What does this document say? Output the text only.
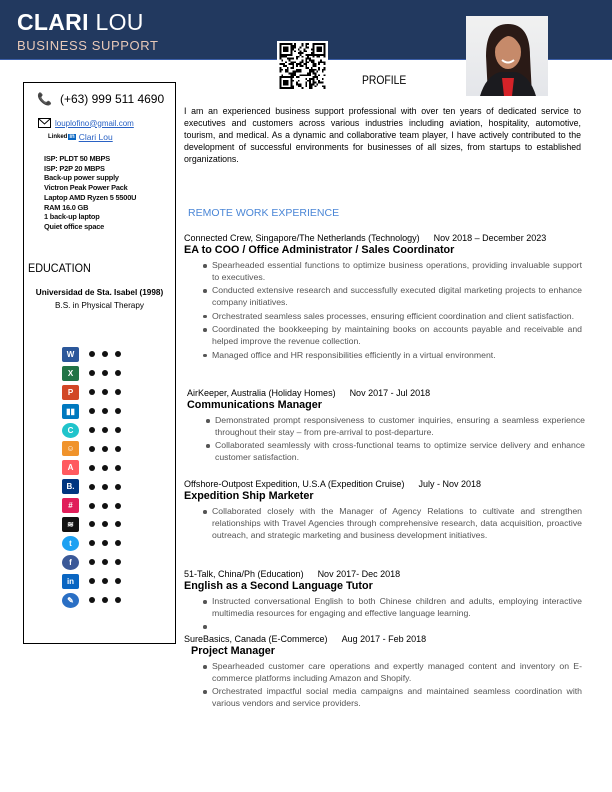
CLARI LOU
BUSINESS SUPPORT
PROFILE
📞 (+63) 999 511 4690
louplofino@gmail.com
Linked in Clari Lou
ISP: PLDT 50 MBPS
ISP: P2P 20 MBPS
Back-up power supply
Victron Peak Power Pack
Laptop AMD Ryzen 5 5500U
RAM 16.0 GB
1 back-up laptop
Quiet office space
EDUCATION
Universidad de Sta. Isabel (1998)
B.S. in Physical Therapy
W
X
P
▮▮
C
☺
A
B.
#
≋
t
f
in
✎
I am an experienced business support professional with over ten years of dedicated service to executives and customers across various industries including aviation, hospitality, automotive, tourism, and medical. As a dynamic and collaborative team player, I have actively contributed to the development of successful environments for businesses of all sizes, from startups to established organizations.
REMOTE WORK EXPERIENCE
Connected Crew, Singapore/The Netherlands (Technology) Nov 2018 – December 2023
EA to COO / Office Administrator / Sales Coordinator
Spearheaded essential functions to optimize business operations, providing invaluable support to executives.
Conducted extensive research and successfully executed digital marketing projects to enhance company initiatives.
Orchestrated seamless sales processes, ensuring efficient coordination and client satisfaction.
Coordinated the bookkeeping by maintaining books on accounts payable and receivable and helped improve the revenue collection.
Managed office and HR responsibilities efficiently in a virtual environment.
AirKeeper, Australia (Holiday Homes) Nov 2017 - Jul 2018
Communications Manager
Demonstrated prompt responsiveness to customer inquiries, ensuring a seamless experience throughout their stay – from pre-arrival to post-departure.
Collaborated seamlessly with cross-functional teams to optimize service delivery and enhance customer satisfaction.
Offshore-Outpost Expedition, U.S.A (Expedition Cruise) July - Nov 2018
Expedition Ship Marketer
Collaborated closely with the Manager of Agency Relations to cultivate and strengthen relationships with Travel Agencies through comprehensive research, data acquisition, proactive outreach, and strategic marketing and business development initiatives.
51-Talk, China/Ph (Education) Nov 2017- Dec 2018
English as a Second Language Tutor
Instructed conversational English to both Chinese children and adults, employing interactive multimedia resources for engaging and effective language learning.
SureBasics, Canada (E-Commerce) Aug 2017 - Feb 2018
Project Manager
Spearheaded customer care operations and expertly managed content and inventory on E-commerce platforms including Amazon and Shopify.
Orchestrated impactful social media campaigns and maintained seamless coordination with various vendors and service providers.
